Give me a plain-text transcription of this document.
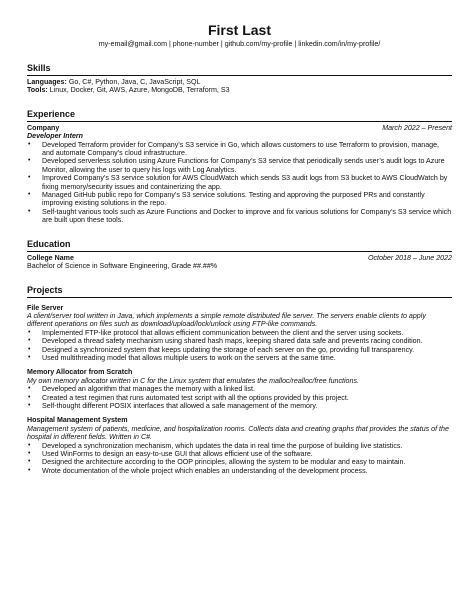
First Last
my-email@gmail.com | phone-number | github.com/my-profile | linkedin.com/in/my-profile/
Skills
Languages: Go, C#, Python, Java, C, JavaScript, SQL
Tools: Linux, Docker, Git, AWS, Azure, MongoDB, Terraform, S3
Experience
Company	March 2022 – Present
Developer Intern
• Developed Terraform provider for Company’s S3 service in Go, which allows customers to use Terraform to provision, manage, and automate Company’s cloud infrastructure.
• Developed serverless solution using Azure Functions for Company’s S3 service that periodically sends user’s audit logs to Azure Monitor, allowing the user to query his logs with Log Analytics.
• Improved Company’s S3 service solution for AWS CloudWatch which sends S3 audit logs from S3 bucket to AWS CloudWatch by fixing memory/security issues and containerizing the app.
• Managed GitHub public repo for Company’s S3 service solutions. Testing and approving the purposed PRs and constantly improving existing solutions in the repo.
• Self-taught various tools such as Azure Functions and Docker to improve and fix various solutions for Company’s S3 service which are built upon these tools.
Education
College Name	October 2018 – June 2022
Bachelor of Science in Software Engineering, Grade ##.##%
Projects
File Server
A client/server tool written in Java, which implements a simple remote distributed file server. The servers enable clients to apply different operations on files such as download/upload/lock/unlock using FTP-like commands.
• Implemented FTP-like protocol that allows efficient communication between the client and the server using sockets.
• Developed a thread safety mechanism using shared hash maps, keeping shared data safe and prevents racing condition.
• Designed a synchronized system that keeps updating the storage of each server on the go, providing full transparency.
• Used multithreading model that allows multiple users to work on the servers at the same time.
Memory Allocator from Scratch
My own memory allocator written in C for the Linux system that emulates the malloc/realloc/free functions.
• Developed an algorithm that manages the memory with a linked list.
• Created a test regimen that runs automated test script with all the options provided by this project.
• Self-thought different POSIX interfaces that allowed a safe management of the memory.
Hospital Management System
Management system of patients, medicine, and hospitalization rooms. Collects data and creating graphs that provides the status of the hospital in different fields. Written in C#.
• Developed a synchronization mechanism, which updates the data in real time the purpose of building live statistics.
• Used WinForms to design an easy-to-use GUI that allows efficient use of the software.
• Designed the architecture according to the OOP principles, allowing the system to be modular and easy to maintain.
• Wrote documentation of the whole project which enables an understanding of the development process.
